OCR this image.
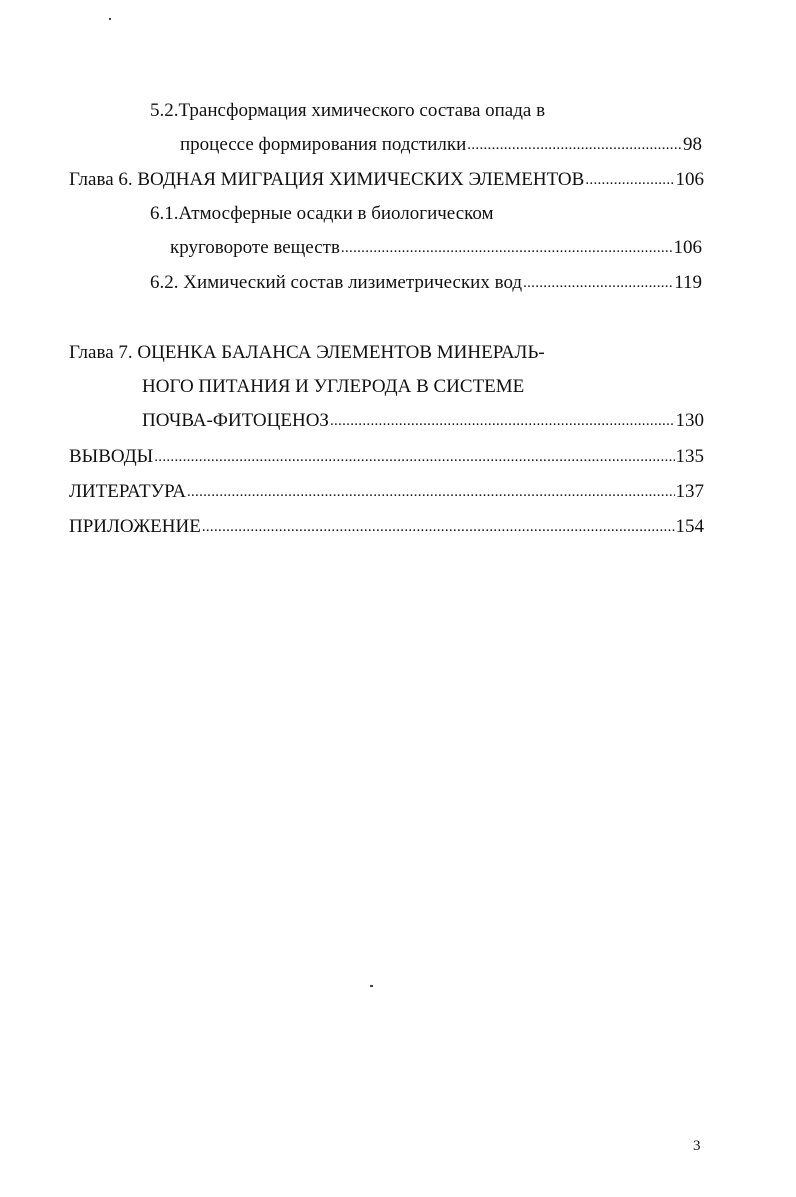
5.2.Трансформация химического состава опада в
процессе формирования подстилки .....	98
Глава 6. ВОДНАЯ МИГРАЦИЯ ХИМИЧЕСКИХ ЭЛЕМЕНТОВ .....	106
6.1.Атмосферные осадки в биологическом
круговороте веществ .....	106
6.2. Химический состав лизиметрических вод .....	119
Глава 7. ОЦЕНКА БАЛАНСА ЭЛЕМЕНТОВ МИНЕРАЛЬ-
НОГО ПИТАНИЯ И УГЛЕРОДА В СИСТЕМЕ
ПОЧВА-ФИТОЦЕНОЗ .....	130
ВЫВОДЫ .....	135
ЛИТЕРАТУРА .....	137
ПРИЛОЖЕНИЕ .....	154
3
